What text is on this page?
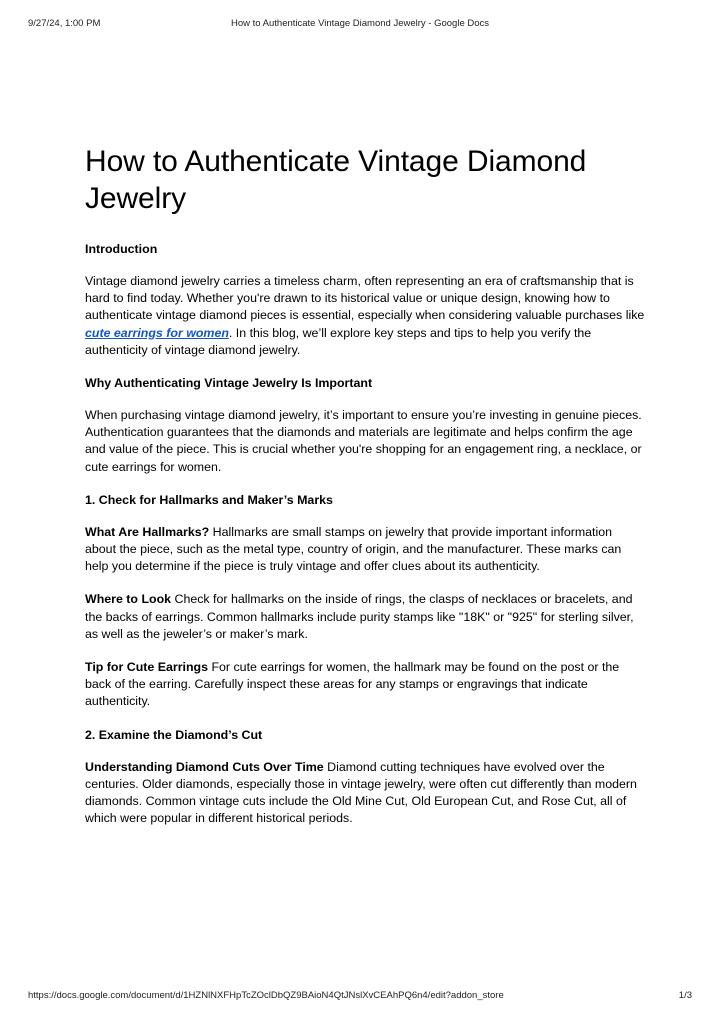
9/27/24, 1:00 PM	How to Authenticate Vintage Diamond Jewelry - Google Docs
How to Authenticate Vintage Diamond Jewelry
Introduction

Vintage diamond jewelry carries a timeless charm, often representing an era of craftsmanship that is hard to find today. Whether you're drawn to its historical value or unique design, knowing how to authenticate vintage diamond pieces is essential, especially when considering valuable purchases like cute earrings for women. In this blog, we’ll explore key steps and tips to help you verify the authenticity of vintage diamond jewelry.

Why Authenticating Vintage Jewelry Is Important

When purchasing vintage diamond jewelry, it’s important to ensure you’re investing in genuine pieces. Authentication guarantees that the diamonds and materials are legitimate and helps confirm the age and value of the piece. This is crucial whether you're shopping for an engagement ring, a necklace, or cute earrings for women.

1. Check for Hallmarks and Maker’s Marks

What Are Hallmarks? Hallmarks are small stamps on jewelry that provide important information about the piece, such as the metal type, country of origin, and the manufacturer. These marks can help you determine if the piece is truly vintage and offer clues about its authenticity.

Where to Look Check for hallmarks on the inside of rings, the clasps of necklaces or bracelets, and the backs of earrings. Common hallmarks include purity stamps like "18K" or "925" for sterling silver, as well as the jeweler’s or maker’s mark.

Tip for Cute Earrings For cute earrings for women, the hallmark may be found on the post or the back of the earring. Carefully inspect these areas for any stamps or engravings that indicate authenticity.

2. Examine the Diamond’s Cut

Understanding Diamond Cuts Over Time Diamond cutting techniques have evolved over the centuries. Older diamonds, especially those in vintage jewelry, were often cut differently than modern diamonds. Common vintage cuts include the Old Mine Cut, Old European Cut, and Rose Cut, all of which were popular in different historical periods.

https://docs.google.com/document/d/1HZNlNXFHpTcZOclDbQZ9BAioN4QtJNslXvCEAhPQ6n4/edit?addon_store	1/3
